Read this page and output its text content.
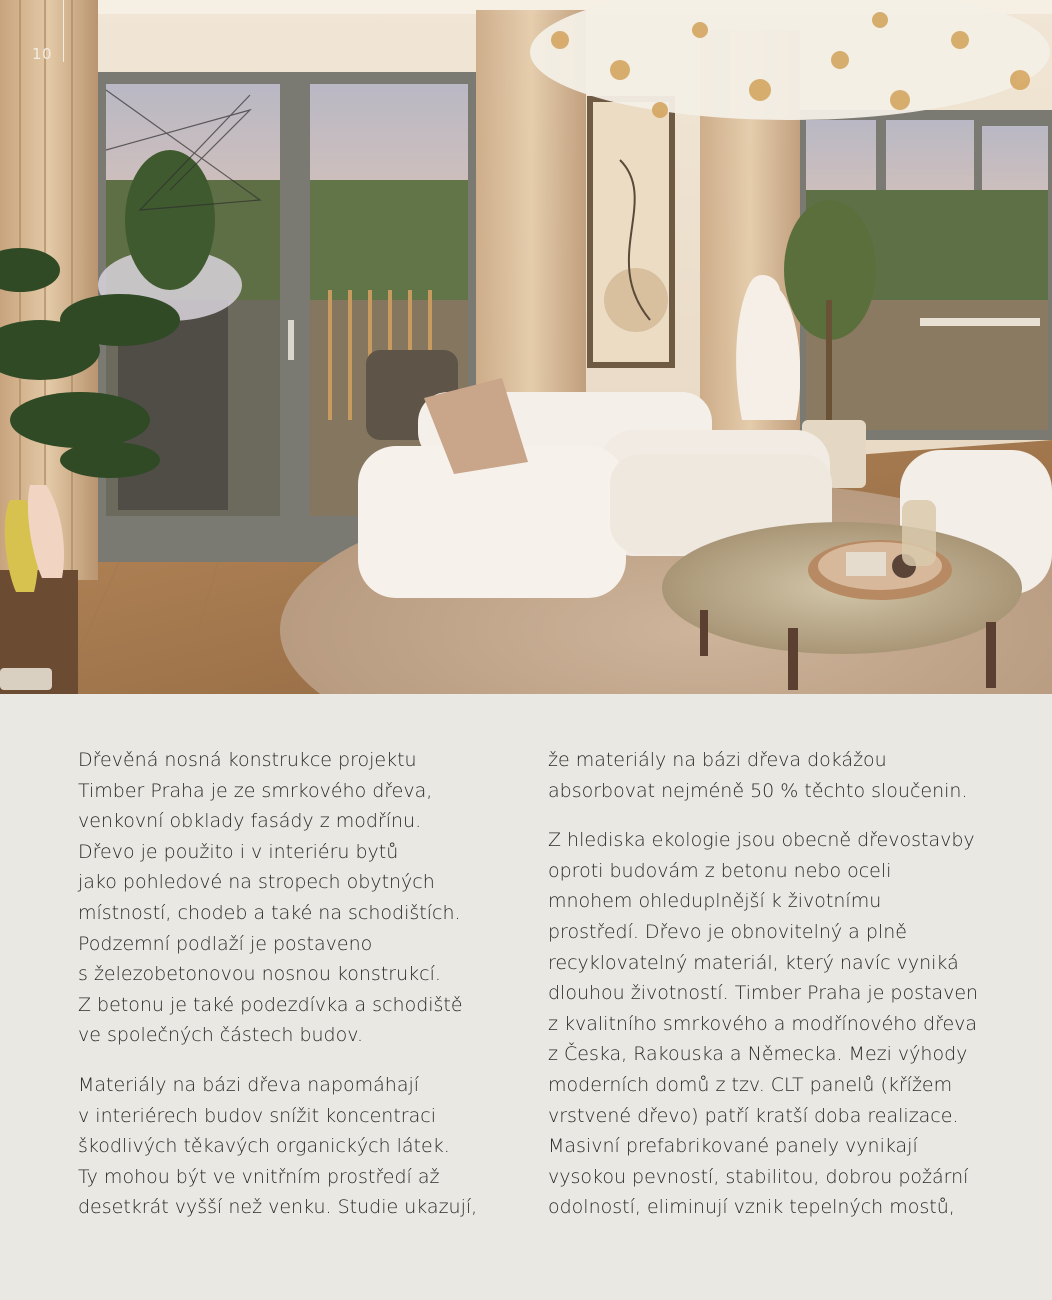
10

Dřevěná nosná konstrukce projektu
Timber Praha je ze smrkového dřeva,
venkovní obklady fasády z modřínu.
Dřevo je použito i v interiéru bytů
jako pohledové na stropech obytných
místností, chodeb a také na schodištích.
Podzemní podlaží je postaveno
s železobetonovou nosnou konstrukcí.
Z betonu je také podezdívka a schodiště
ve společných částech budov.

Materiály na bázi dřeva napomáhají
v interiérech budov snížit koncentraci
škodlivých těkavých organických látek.
Ty mohou být ve vnitřním prostředí až
desetkrát vyšší než venku. Studie ukazují,

že materiály na bázi dřeva dokážou
absorbovat nejméně 50 % těchto sloučenin.

Z hlediska ekologie jsou obecně dřevostavby
oproti budovám z betonu nebo oceli
mnohem ohleduplnější k životnímu
prostředí. Dřevo je obnovitelný a plně
recyklovatelný materiál, který navíc vyniká
dlouhou životností. Timber Praha je postaven
z kvalitního smrkového a modřínového dřeva
z Česka, Rakouska a Německa. Mezi výhody
moderních domů z tzv. CLT panelů (křížem
vrstvené dřevo) patří kratší doba realizace.
Masivní prefabrikované panely vynikají
vysokou pevností, stabilitou, dobrou požární
odolností, eliminují vznik tepelných mostů,
